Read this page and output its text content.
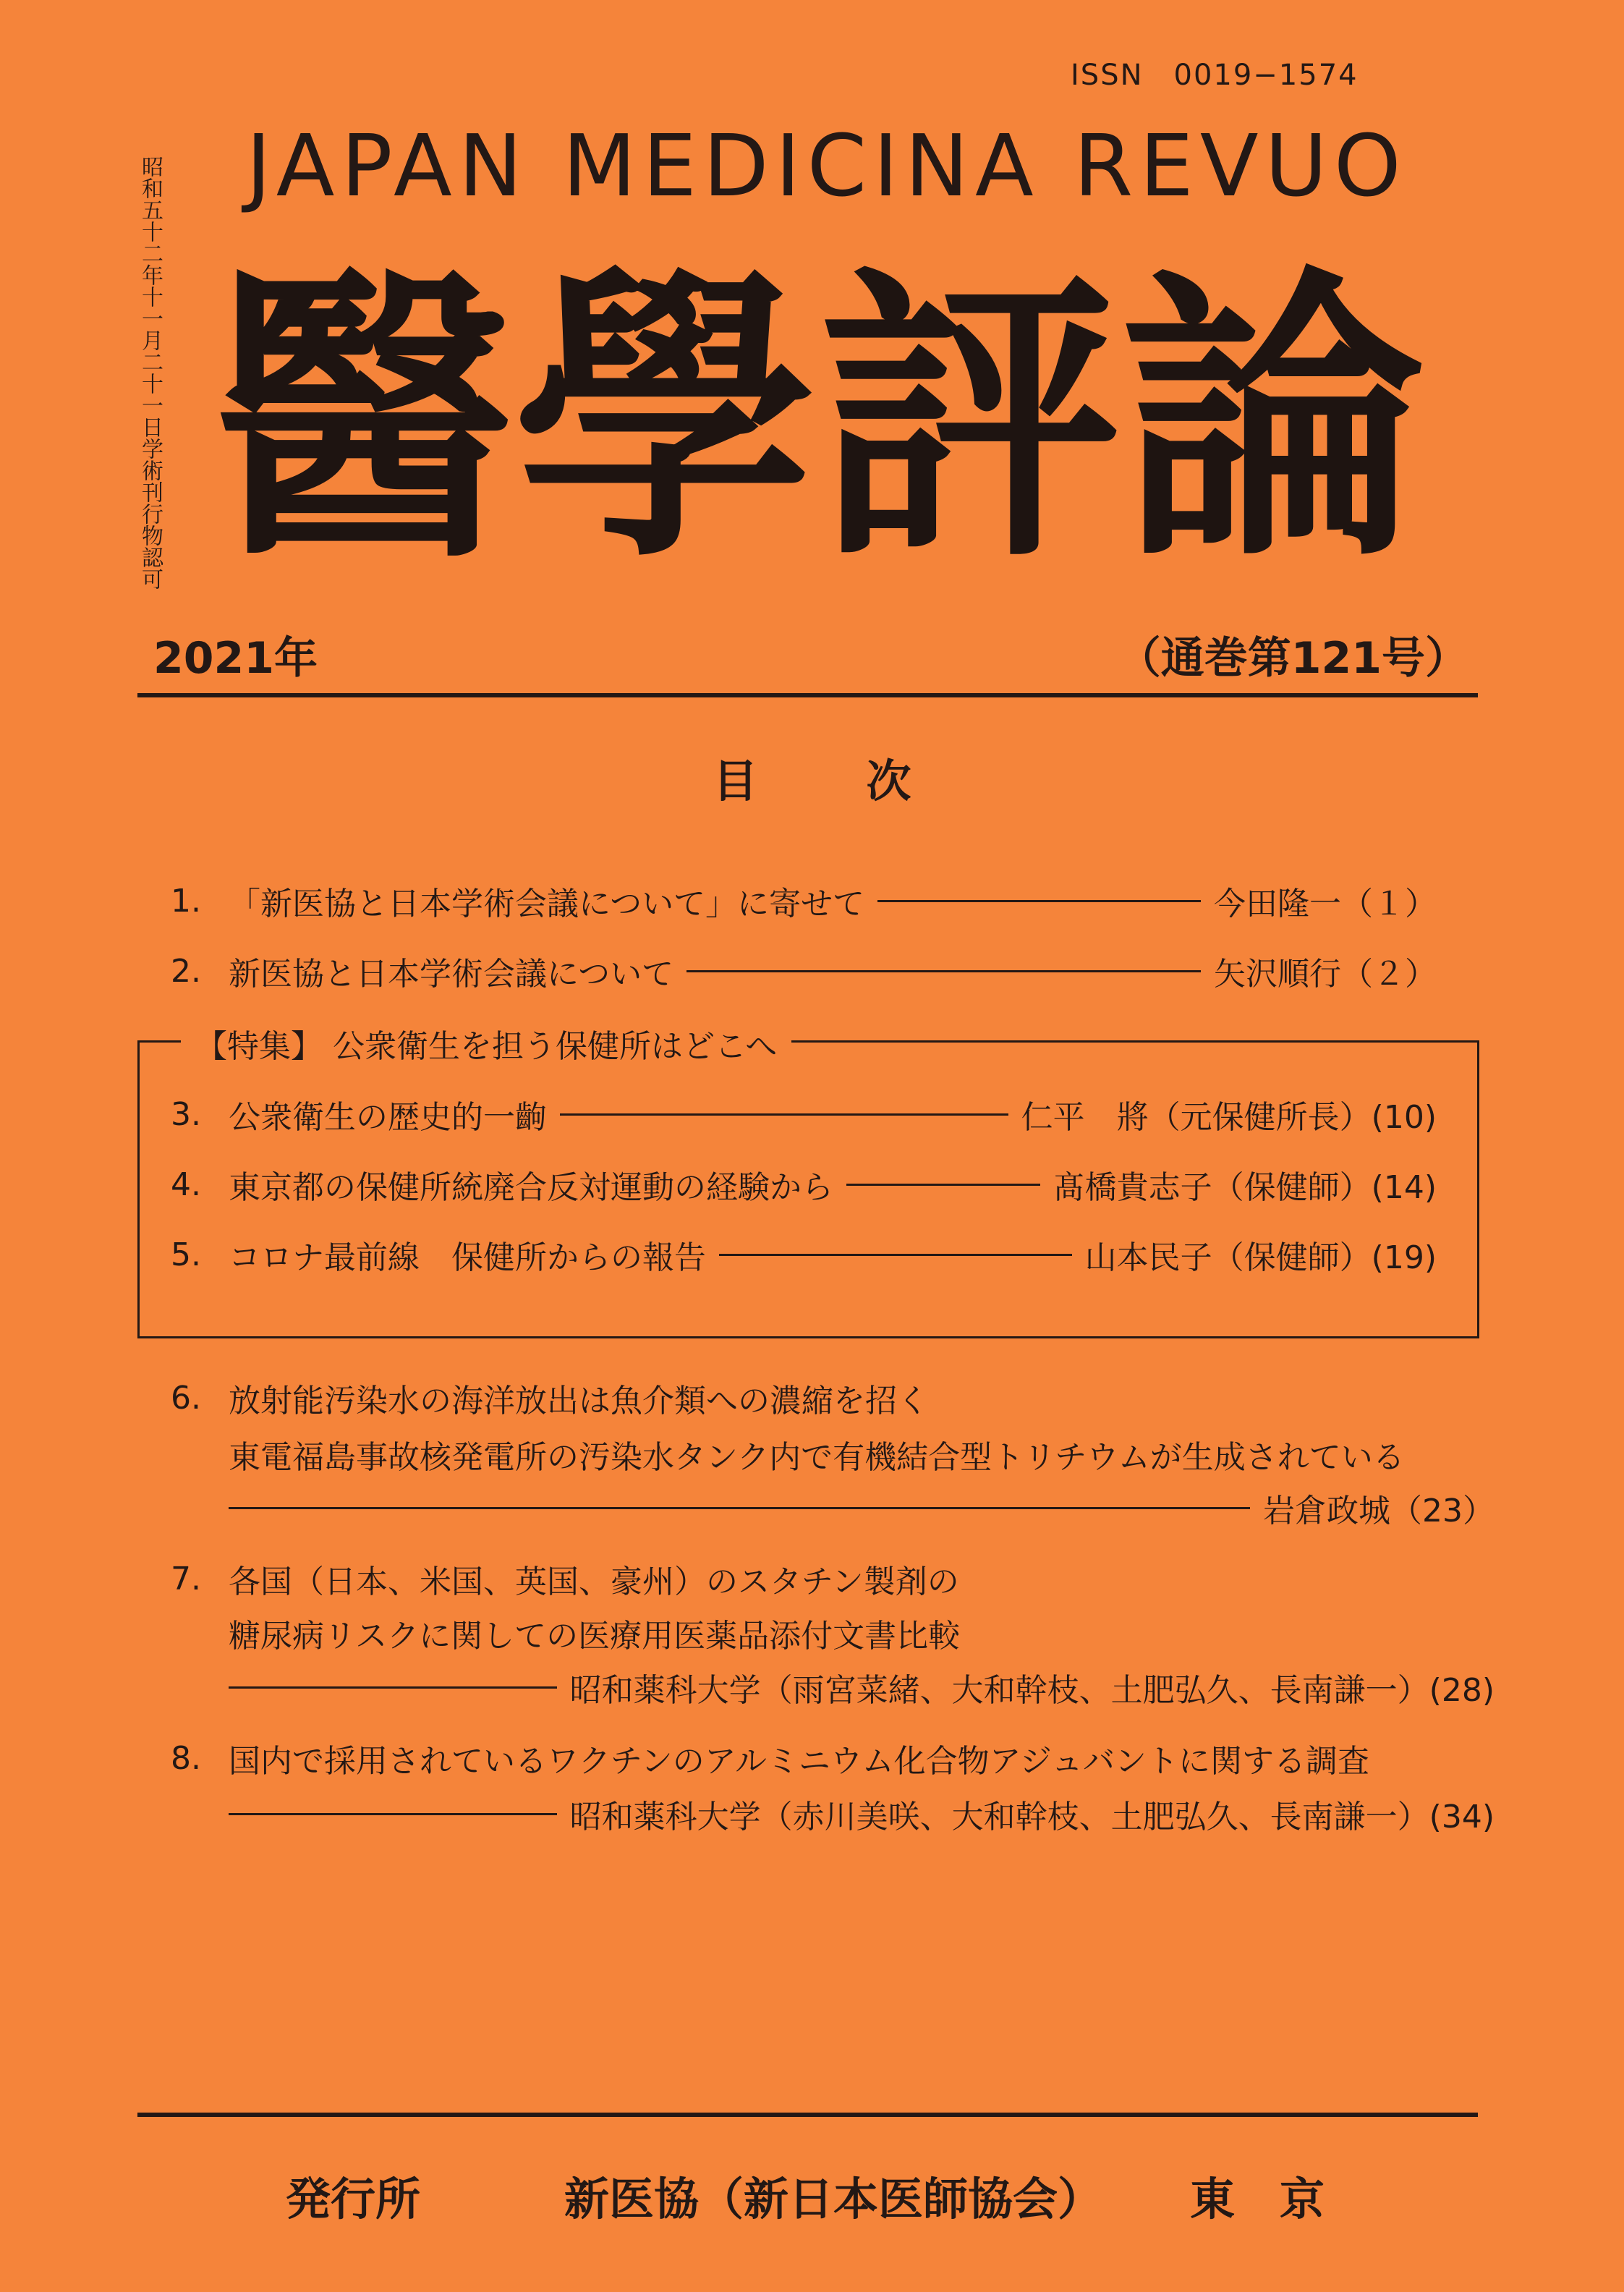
ISSN　0019−1574
JAPAN MEDICINA REVUO
昭和五十二年十一月二十一日学術刊行物認可 醫 學 評 論
2021年	（通巻第121号）
目次
1. 「新医協と日本学術会議について」に寄せて	今田隆一（１）
2. 新医協と日本学術会議について	矢沢順行（２）
【特集】 公衆衛生を担う保健所はどこへ
3. 公衆衛生の歴史的一齣	仁平　將（元保健所長）(10)
4. 東京都の保健所統廃合反対運動の経験から	髙橋貴志子（保健師）(14)
5. コロナ最前線　保健所からの報告	山本民子（保健師）(19)
6. 放射能汚染水の海洋放出は魚介類への濃縮を招く
東電福島事故核発電所の汚染水タンク内で有機結合型トリチウムが生成されている
岩倉政城（23）
7. 各国（日本、米国、英国、豪州）のスタチン製剤の
糖尿病リスクに関しての医療用医薬品添付文書比較
昭和薬科大学（雨宮菜緒、大和幹枝、土肥弘久、長南謙一）(28)
8. 国内で採用されているワクチンのアルミニウム化合物アジュバントに関する調査
昭和薬科大学（赤川美咲、大和幹枝、土肥弘久、長南謙一）(34)
発行所	新医協（新日本医師協会） 東　京
